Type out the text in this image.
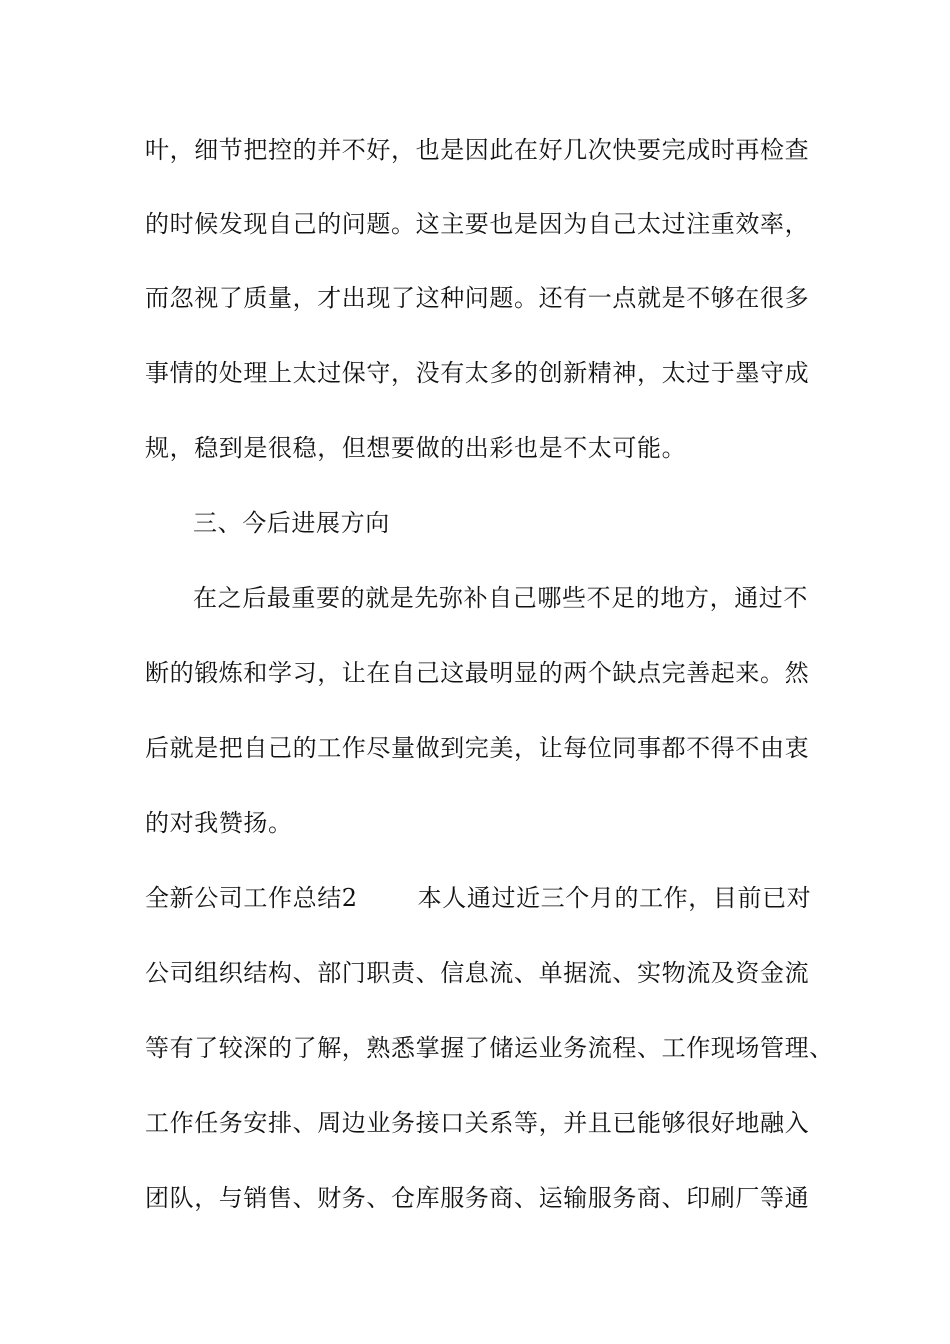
叶，细节把控的并不好，也是因此在好几次快要完成时再检查
的时候发现自己的问题。这主要也是因为自己太过注重效率，
而忽视了质量，才出现了这种问题。还有一点就是不够在很多
事情的处理上太过保守，没有太多的创新精神，太过于墨守成
规，稳到是很稳，但想要做的出彩也是不太可能。
三、今后进展方向
在之后最重要的就是先弥补自己哪些不足的地方，通过不
断的锻炼和学习，让在自己这最明显的两个缺点完善起来。然
后就是把自己的工作尽量做到完美，让每位同事都不得不由衷
的对我赞扬。
全新公司工作总结2	本人通过近三个月的工作，目前已对
公司组织结构、部门职责、信息流、单据流、实物流及资金流
等有了较深的了解，熟悉掌握了储运业务流程、工作现场管理、
工作任务安排、周边业务接口关系等，并且已能够很好地融入
团队，与销售、财务、仓库服务商、运输服务商、印刷厂等通
